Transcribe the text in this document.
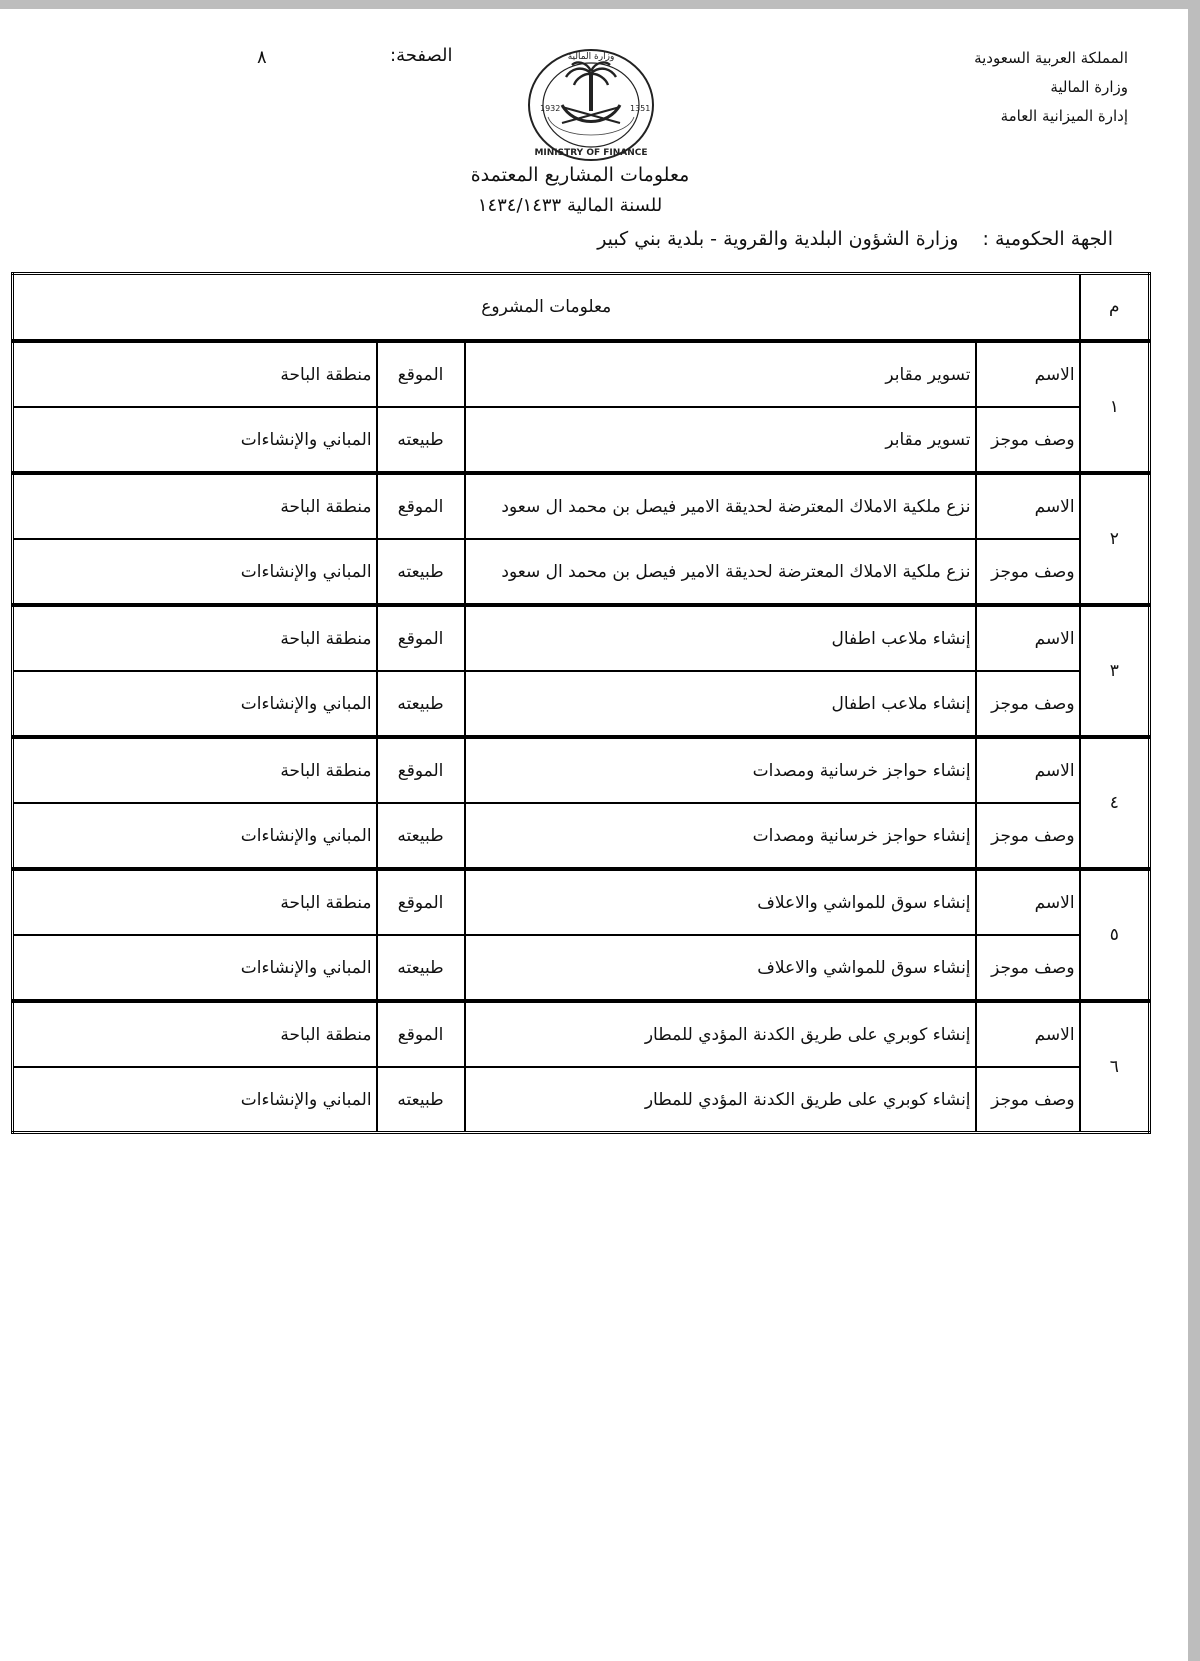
المملكة العربية السعودية
وزارة المالية
إدارة الميزانية العامة
الصفحة:
٨
MINISTRY OF FINANCE
وزارة المالية
1932	1351
معلومات المشاريع المعتمدة
للسنة المالية ١٤٣٤/١٤٣٣
الجهة الحكومية : وزارة الشؤون البلدية والقروية - بلدية بني كبير
م	معلومات المشروع			
١	الاسم	تسوير مقابر	الموقع	منطقة الباحة
	وصف موجز	تسوير مقابر	طبيعته	المباني والإنشاءات
٢	الاسم	نزع ملكية الاملاك المعترضة لحديقة الامير فيصل بن محمد ال سعود	الموقع	منطقة الباحة
	وصف موجز	نزع ملكية الاملاك المعترضة لحديقة الامير فيصل بن محمد ال سعود	طبيعته	المباني والإنشاءات
٣	الاسم	إنشاء ملاعب اطفال	الموقع	منطقة الباحة
	وصف موجز	إنشاء ملاعب اطفال	طبيعته	المباني والإنشاءات
٤	الاسم	إنشاء حواجز خرسانية ومصدات	الموقع	منطقة الباحة
	وصف موجز	إنشاء حواجز خرسانية ومصدات	طبيعته	المباني والإنشاءات
٥	الاسم	إنشاء سوق للمواشي والاعلاف	الموقع	منطقة الباحة
	وصف موجز	إنشاء سوق للمواشي والاعلاف	طبيعته	المباني والإنشاءات
٦	الاسم	إنشاء كوبري على طريق الكدنة المؤدي للمطار	الموقع	منطقة الباحة
	وصف موجز	إنشاء كوبري على طريق الكدنة المؤدي للمطار	طبيعته	المباني والإنشاءات
